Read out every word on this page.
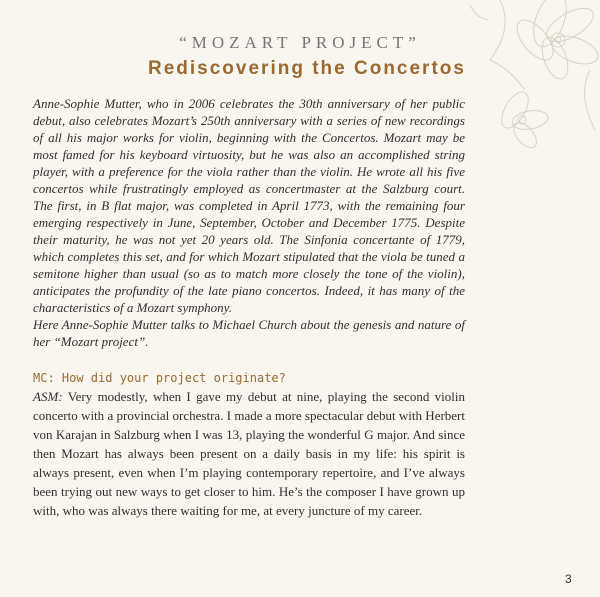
“MOZART PROJECT”
Rediscovering the Concertos

Anne-Sophie Mutter, who in 2006 celebrates the 30th anniversary of her public debut, also celebrates Mozart’s 250th anniversary with a series of new recordings of all his major works for violin, beginning with the Concertos. Mozart may be most famed for his keyboard virtuosity, but he was also an accomplished string player, with a preference for the viola rather than the violin. He wrote all his five concertos while frustratingly employed as concertmaster at the Salzburg court. The first, in B flat major, was completed in April 1773, with the remaining four emerging respectively in June, September, October and December 1775. Despite their maturity, he was not yet 20 years old. The Sinfonia concertante of 1779, which completes this set, and for which Mozart stipulated that the viola be tuned a semitone higher than usual (so as to match more closely the tone of the violin), anticipates the profundity of the late piano concertos. Indeed, it has many of the characteristics of a Mozart symphony.

Here Anne-Sophie Mutter talks to Michael Church about the genesis and nature of her “Mozart project”.

MC: How did your project originate?
ASM: Very modestly, when I gave my debut at nine, playing the second violin concerto with a provincial orchestra. I made a more spectacular debut with Herbert von Karajan in Salzburg when I was 13, playing the wonderful G major. And since then Mozart has always been present on a daily basis in my life: his spirit is always present, even when I’m playing contemporary repertoire, and I’ve always been trying out new ways to get closer to him. He’s the composer I have grown up with, who was always there waiting for me, at every juncture of my career.
3
